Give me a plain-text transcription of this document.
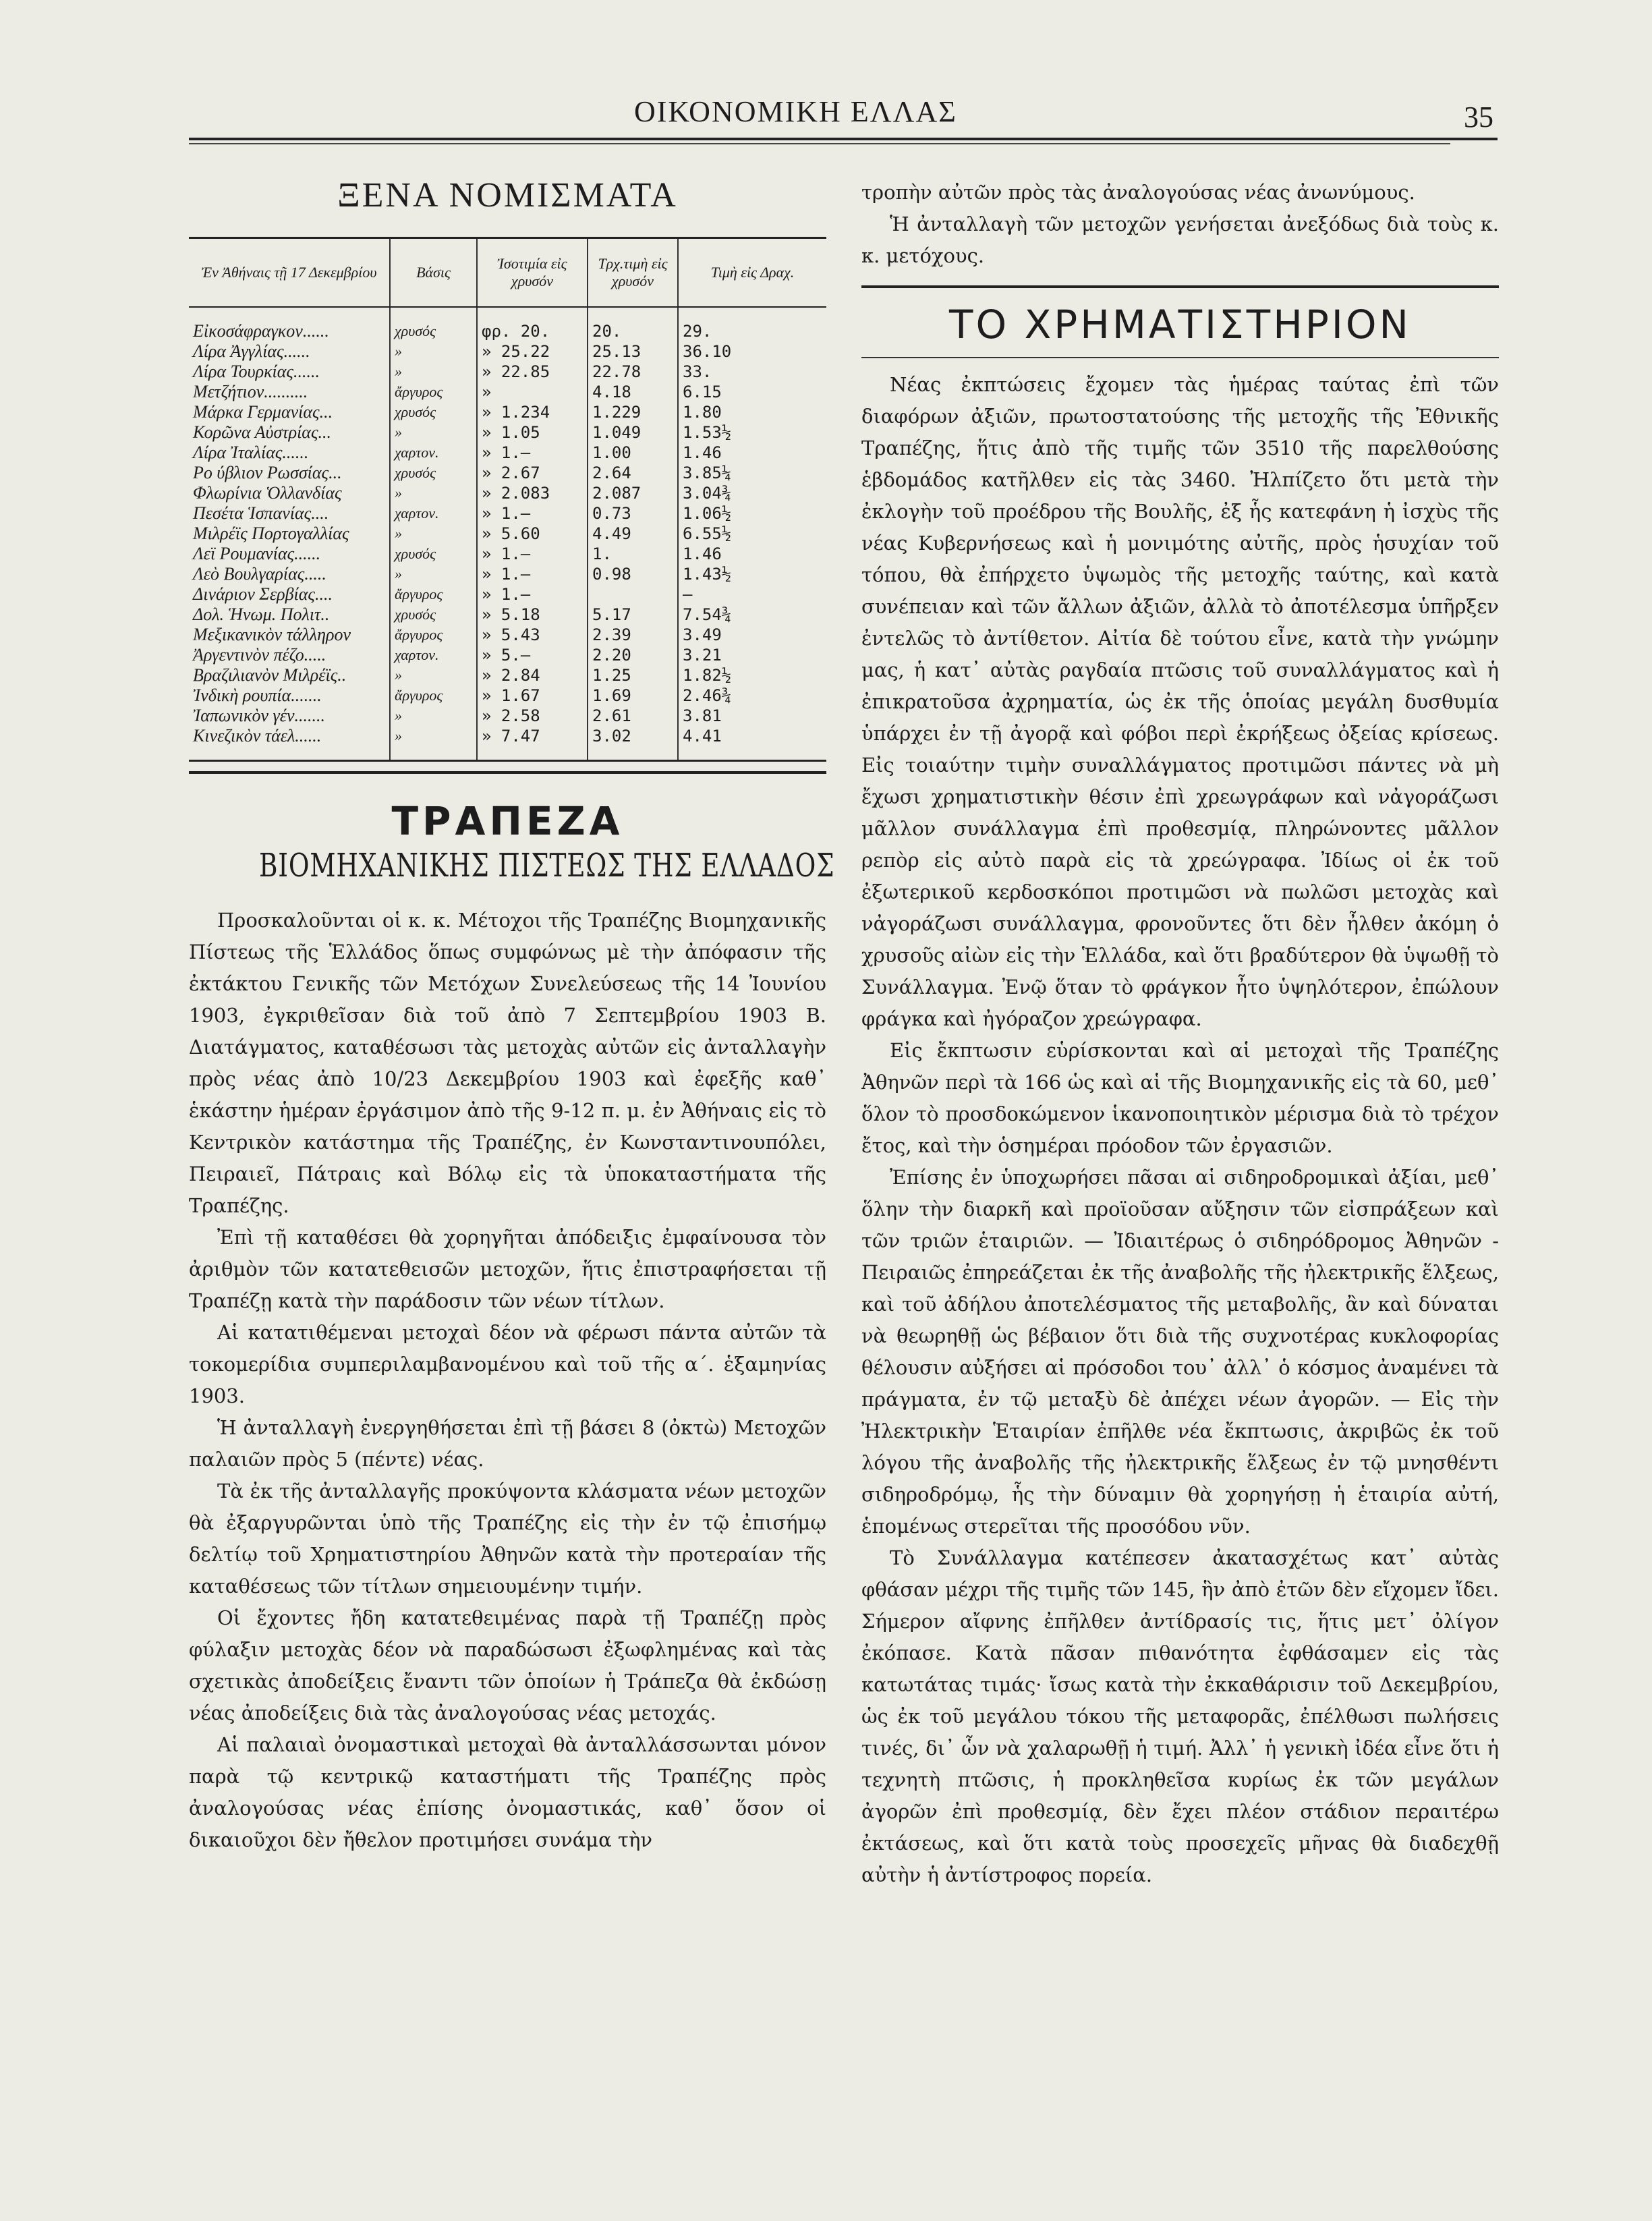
ΟΙΚΟΝΟΜΙΚΗ ΕΛΛΑΣ	35
ΞΕΝΑ ΝΟΜΙΣΜΑΤΑ
Ἐν Ἀθήναις τῇ 17 Δεκεμβρίου	Βάσις	Ἰσοτιμία εἰς χρυσόν	Τρχ.τιμὴ εἰς χρυσόν	Τιμὴ εἰς Δραχ.
Εἰκοσάφραγκον......	χρυσός	φρ. 20.	20.	29.
Λίρα Ἀγγλίας......	»	» 25.22	25.13	36.10
Λίρα Τουρκίας......	»	» 22.85	22.78	33.
Μετζήτιον..........	ἄργυρος	»	4.18	6.15
Μάρκα Γερμανίας...	χρυσός	» 1.234	1.229	1.80
Κορῶνα Αὐστρίας...	»	» 1.05	1.049	1.53½
Λίρα Ἰταλίας......	χαρτον.	» 1.—	1.00	1.46
Ρο ύβλιον Ρωσσίας...	χρυσός	» 2.67	2.64	3.85¼
Φλωρίνια Ὁλλανδίας	»	» 2.083	2.087	3.04¾
Πεσέτα Ἱσπανίας....	χαρτον.	» 1.—	0.73	1.06½
Μιλρέϊς Πορτογαλλίας	»	» 5.60	4.49	6.55½
Λεϊ Ρουμανίας......	χρυσός	» 1.—	1.	1.46
Λεὸ Βουλγαρίας.....	»	» 1.—	0.98	1.43½
Δινάριον Σερβίας....	ἄργυρος	» 1.—		—
Δολ. Ἡνωμ. Πολιτ..	χρυσός	» 5.18	5.17	7.54¾
Μεξικανικὸν τάλληρον	ἄργυρος	» 5.43	2.39	3.49
Ἀργεντινὸν πέζο.....	χαρτον.	» 5.—	2.20	3.21
Βραζιλιανὸν Μιλρέϊς..	»	» 2.84	1.25	1.82½
Ἰνδικὴ ρουπία.......	ἄργυρος	» 1.67	1.69	2.46¾
Ἰαπωνικὸν γέν.......	»	» 2.58	2.61	3.81
Κινεζικὸν τάελ......	»	» 7.47	3.02	4.41
ΤΡΑΠΕΖΑ
ΒΙΟΜΗΧΑΝΙΚΗΣ ΠΙΣΤΕΩΣ ΤΗΣ ΕΛΛΑΔΟΣ

Προσκαλοῦνται οἱ κ. κ. Μέτοχοι τῆς Τραπέζης Βιομηχανικῆς Πίστεως τῆς Ἑλλάδος ὅπως συμφώνως μὲ τὴν ἀπόφασιν τῆς ἐκτάκτου Γενικῆς τῶν Μετόχων Συνελεύσεως τῆς 14 Ἰουνίου 1903, ἐγκριθεῖσαν διὰ τοῦ ἀπὸ 7 Σεπτεμβρίου 1903 Β. Διατάγματος, καταθέσωσι τὰς μετοχὰς αὐτῶν εἰς ἀνταλλαγὴν πρὸς νέας ἀπὸ 10/23 Δεκεμβρίου 1903 καὶ ἐφεξῆς καθ᾽ ἑκάστην ἡμέραν ἐργάσιμον ἀπὸ τῆς 9-12 π. μ. ἐν Ἀθήναις εἰς τὸ Κεντρικὸν κατάστημα τῆς Τραπέζης, ἐν Κωνσταντινουπόλει, Πειραιεῖ, Πάτραις καὶ Βόλῳ εἰς τὰ ὑποκαταστήματα τῆς Τραπέζης.

Ἐπὶ τῇ καταθέσει θὰ χορηγῆται ἀπόδειξις ἐμφαίνουσα τὸν ἀριθμὸν τῶν κατατεθεισῶν μετοχῶν, ἥτις ἐπιστραφήσεται τῇ Τραπέζῃ κατὰ τὴν παράδοσιν τῶν νέων τίτλων.

Αἱ κατατιθέμεναι μετοχαὶ δέον νὰ φέρωσι πάντα αὐτῶν τὰ τοκομερίδια συμπεριλαμβανομένου καὶ τοῦ τῆς α΄. ἑξαμηνίας 1903.

Ἡ ἀνταλλαγὴ ἐνεργηθήσεται ἐπὶ τῇ βάσει 8 (ὀκτὼ) Μετοχῶν παλαιῶν πρὸς 5 (πέντε) νέας.

Τὰ ἐκ τῆς ἀνταλλαγῆς προκύψοντα κλάσματα νέων μετοχῶν θὰ ἐξαργυρῶνται ὑπὸ τῆς Τραπέζης εἰς τὴν ἐν τῷ ἐπισήμῳ δελτίῳ τοῦ Χρηματιστηρίου Ἀθηνῶν κατὰ τὴν προτεραίαν τῆς καταθέσεως τῶν τίτλων σημειουμένην τιμήν.

Οἱ ἔχοντες ἤδη κατατεθειμένας παρὰ τῇ Τραπέζῃ πρὸς φύλαξιν μετοχὰς δέον νὰ παραδώσωσι ἐξωφλημένας καὶ τὰς σχετικὰς ἀποδείξεις ἔναντι τῶν ὁποίων ἡ Τράπεζα θὰ ἐκδώσῃ νέας ἀποδείξεις διὰ τὰς ἀναλογούσας νέας μετοχάς.

Αἱ παλαιαὶ ὀνομαστικαὶ μετοχαὶ θὰ ἀνταλλάσσωνται μόνον παρὰ τῷ κεντρικῷ καταστήματι τῆς Τραπέζης πρὸς ἀναλογούσας νέας ἐπίσης ὀνομαστικάς, καθ᾽ ὅσον οἱ δικαιοῦχοι δὲν ἤθελον προτιμήσει συνάμα τὴν

τροπὴν αὐτῶν πρὸς τὰς ἀναλογούσας νέας ἀνωνύμους.

Ἡ ἀνταλλαγὴ τῶν μετοχῶν γενήσεται ἀνεξόδως διὰ τοὺς κ. κ. μετόχους.

ΤΟ ΧΡΗΜΑΤΙΣΤΗΡΙΟΝ

Νέας ἐκπτώσεις ἔχομεν τὰς ἡμέρας ταύτας ἐπὶ τῶν διαφόρων ἀξιῶν, πρωτοστατούσης τῆς μετοχῆς τῆς Ἐθνικῆς Τραπέζης, ἥτις ἀπὸ τῆς τιμῆς τῶν 3510 τῆς παρελθούσης ἑβδομάδος κατῆλθεν εἰς τὰς 3460. Ἠλπίζετο ὅτι μετὰ τὴν ἐκλογὴν τοῦ προέδρου τῆς Βουλῆς, ἐξ ἧς κατεφάνη ἡ ἰσχὺς τῆς νέας Κυβερνήσεως καὶ ἡ μονιμότης αὐτῆς, πρὸς ἡσυχίαν τοῦ τόπου, θὰ ἐπήρχετο ὑψωμὸς τῆς μετοχῆς ταύτης, καὶ κατὰ συνέπειαν καὶ τῶν ἄλλων ἀξιῶν, ἀλλὰ τὸ ἀποτέλεσμα ὑπῆρξεν ἐντελῶς τὸ ἀντίθετον. Αἰτία δὲ τούτου εἶνε, κατὰ τὴν γνώμην μας, ἡ κατ᾽ αὐτὰς ραγδαία πτῶσις τοῦ συναλλάγματος καὶ ἡ ἐπικρατοῦσα ἀχρηματία, ὡς ἐκ τῆς ὁποίας μεγάλη δυσθυμία ὑπάρχει ἐν τῇ ἀγορᾷ καὶ φόβοι περὶ ἐκρήξεως ὀξείας κρίσεως. Εἰς τοιαύτην τιμὴν συναλλάγματος προτιμῶσι πάντες νὰ μὴ ἔχωσι χρηματιστικὴν θέσιν ἐπὶ χρεωγράφων καὶ νἀγοράζωσι μᾶλλον συνάλλαγμα ἐπὶ προθεσμίᾳ, πληρώνοντες μᾶλλον ρεπὸρ εἰς αὐτὸ παρὰ εἰς τὰ χρεώγραφα. Ἰδίως οἱ ἐκ τοῦ ἐξωτερικοῦ κερδοσκόποι προτιμῶσι νὰ πωλῶσι μετοχὰς καὶ νἀγοράζωσι συνάλλαγμα, φρονοῦντες ὅτι δὲν ἦλθεν ἀκόμη ὁ χρυσοῦς αἰὼν εἰς τὴν Ἑλλάδα, καὶ ὅτι βραδύτερον θὰ ὑψωθῇ τὸ Συνάλλαγμα. Ἐνῷ ὅταν τὸ φράγκον ἦτο ὑψηλότερον, ἐπώλουν φράγκα καὶ ἠγόραζον χρεώγραφα.

Εἰς ἔκπτωσιν εὑρίσκονται καὶ αἱ μετοχαὶ τῆς Τραπέζης Ἀθηνῶν περὶ τὰ 166 ὡς καὶ αἱ τῆς Βιομηχανικῆς εἰς τὰ 60, μεθ᾽ ὅλον τὸ προσδοκώμενον ἱκανοποιητικὸν μέρισμα διὰ τὸ τρέχον ἔτος, καὶ τὴν ὁσημέραι πρόοδον τῶν ἐργασιῶν.

Ἐπίσης ἐν ὑποχωρήσει πᾶσαι αἱ σιδηροδρομικαὶ ἀξίαι, μεθ᾽ ὅλην τὴν διαρκῆ καὶ προϊοῦσαν αὔξησιν τῶν εἰσπράξεων καὶ τῶν τριῶν ἑταιριῶν. — Ἰδιαιτέρως ὁ σιδηρόδρομος Ἀθηνῶν - Πειραιῶς ἐπηρεάζεται ἐκ τῆς ἀναβολῆς τῆς ἠλεκτρικῆς ἕλξεως, καὶ τοῦ ἀδήλου ἀποτελέσματος τῆς μεταβολῆς, ἂν καὶ δύναται νὰ θεωρηθῇ ὡς βέβαιον ὅτι διὰ τῆς συχνοτέρας κυκλοφορίας θέλουσιν αὐξήσει αἱ πρόσοδοι του᾽ ἀλλ᾽ ὁ κόσμος ἀναμένει τὰ πράγματα, ἐν τῷ μεταξὺ δὲ ἀπέχει νέων ἀγορῶν. — Εἰς τὴν Ἠλεκτρικὴν Ἑταιρίαν ἐπῆλθε νέα ἔκπτωσις, ἀκριβῶς ἐκ τοῦ λόγου τῆς ἀναβολῆς τῆς ἠλεκτρικῆς ἕλξεως ἐν τῷ μνησθέντι σιδηροδρόμῳ, ἧς τὴν δύναμιν θὰ χορηγήσῃ ἡ ἑταιρία αὐτή, ἑπομένως στερεῖται τῆς προσόδου νῦν.

Τὸ Συνάλλαγμα κατέπεσεν ἀκατασχέτως κατ᾽ αὐτὰς φθάσαν μέχρι τῆς τιμῆς τῶν 145, ἣν ἀπὸ ἐτῶν δὲν εἴχομεν ἴδει. Σήμερον αἴφνης ἐπῆλθεν ἀντίδρασίς τις, ἥτις μετ᾽ ὀλίγον ἐκόπασε. Κατὰ πᾶσαν πιθανότητα ἐφθάσαμεν εἰς τὰς κατωτάτας τιμάς· ἴσως κατὰ τὴν ἐκκαθάρισιν τοῦ Δεκεμβρίου, ὡς ἐκ τοῦ μεγάλου τόκου τῆς μεταφορᾶς, ἐπέλθωσι πωλήσεις τινές, δι᾽ ὧν νὰ χαλαρωθῇ ἡ τιμή. Ἀλλ᾽ ἡ γενικὴ ἰδέα εἶνε ὅτι ἡ τεχνητὴ πτῶσις, ἡ προκληθεῖσα κυρίως ἐκ τῶν μεγάλων ἀγορῶν ἐπὶ προθεσμίᾳ, δὲν ἔχει πλέον στάδιον περαιτέρω ἐκτάσεως, καὶ ὅτι κατὰ τοὺς προσεχεῖς μῆνας θὰ διαδεχθῇ αὐτὴν ἡ ἀντίστροφος πορεία.
